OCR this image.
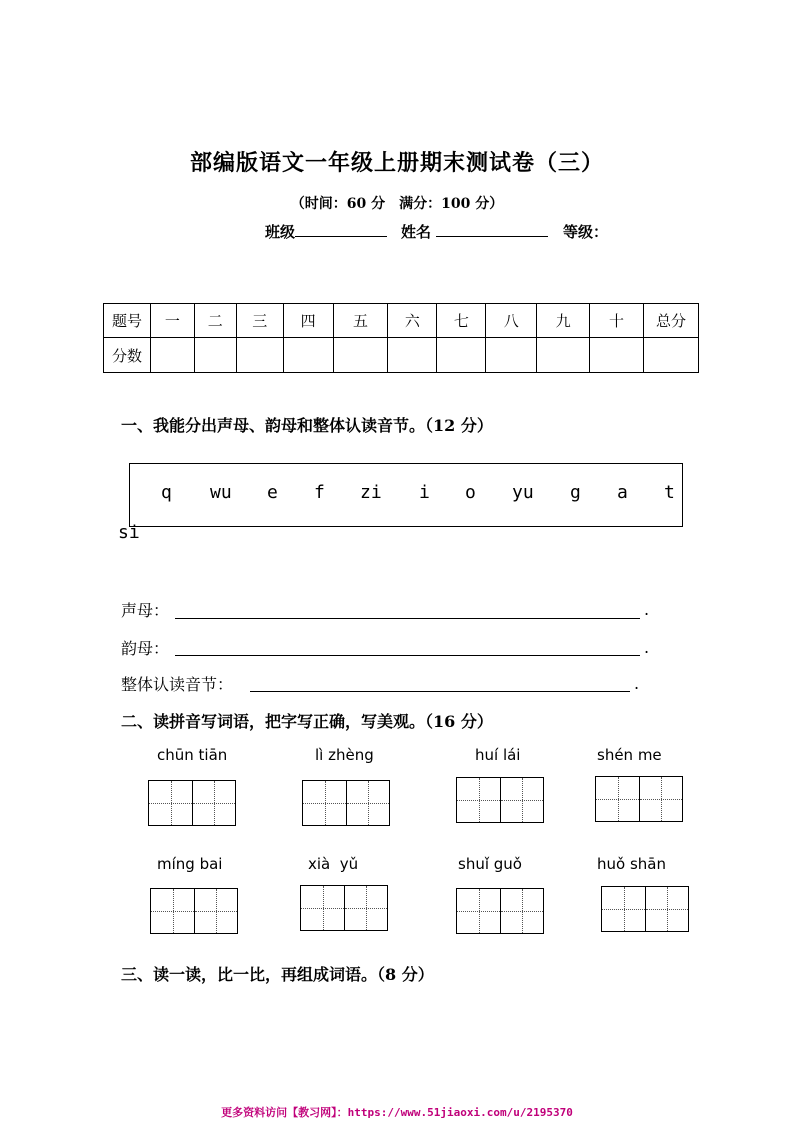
部编版语文一年级上册期末测试卷（三）
（时间：60 分　满分：100 分）
班级	姓名	等级：
题号	一	二	三	四	五	六	七	八	九	十	总分
分数											
一、我能分出声母、韵母和整体认读音节。（12 分）
q wu e f zi i o yu g a t
si
声母：	.
韵母：	.
整体认读音节：	.
二、读拼音写词语，把字写正确，写美观。（16 分）
chūn tiān	lì zhèng	huí lái	shén me
míng bai	xià  yǔ	shuǐ guǒ	huǒ shān
三、读一读，比一比，再组成词语。（8 分）
更多资料访问【教习网】：https://www.51jiaoxi.com/u/2195370
